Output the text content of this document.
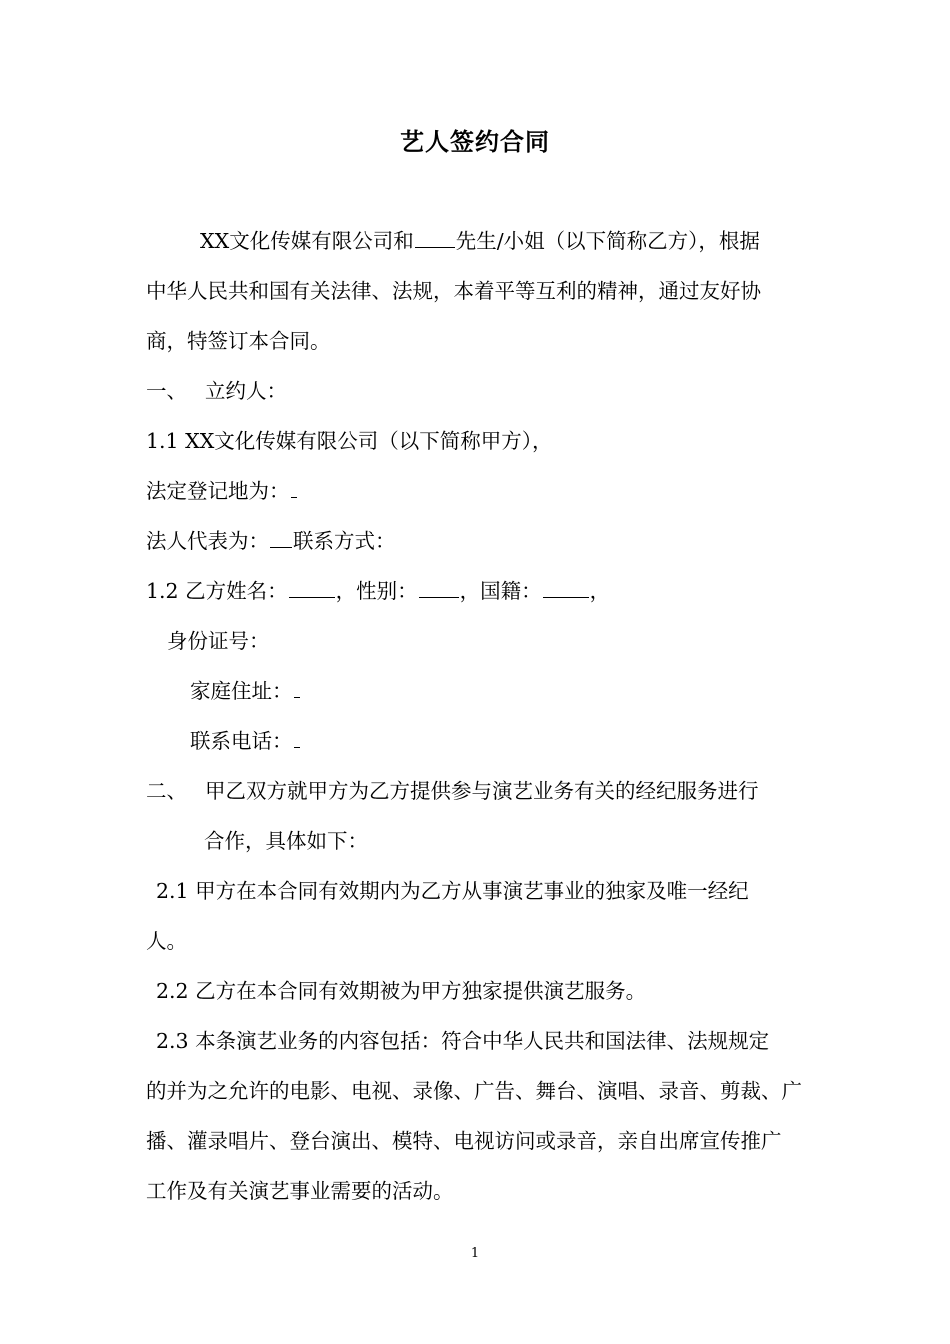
艺人签约合同
XX文化传媒有限公司和 先生/小姐（以下简称乙方），根据
中华人民共和国有关法律、法规，本着平等互利的精神，通过友好协
商，特签订本合同。
一、 立约人：
1.1 XX文化传媒有限公司（以下简称甲方），
法定登记地为：
法人代表为： 联系方式：
1.2 乙方姓名： ，性别： ，国籍： ，
身份证号：
家庭住址：
联系电话：
二、 甲乙双方就甲方为乙方提供参与演艺业务有关的经纪服务进行
合作，具体如下：
2.1 甲方在本合同有效期内为乙方从事演艺事业的独家及唯一经纪
人。
2.2 乙方在本合同有效期被为甲方独家提供演艺服务。
2.3 本条演艺业务的内容包括：符合中华人民共和国法律、法规规定
的并为之允许的电影、电视、录像、广告、舞台、演唱、录音、剪裁、广
播、灌录唱片、登台演出、模特、电视访问或录音，亲自出席宣传推广
工作及有关演艺事业需要的活动。
1
